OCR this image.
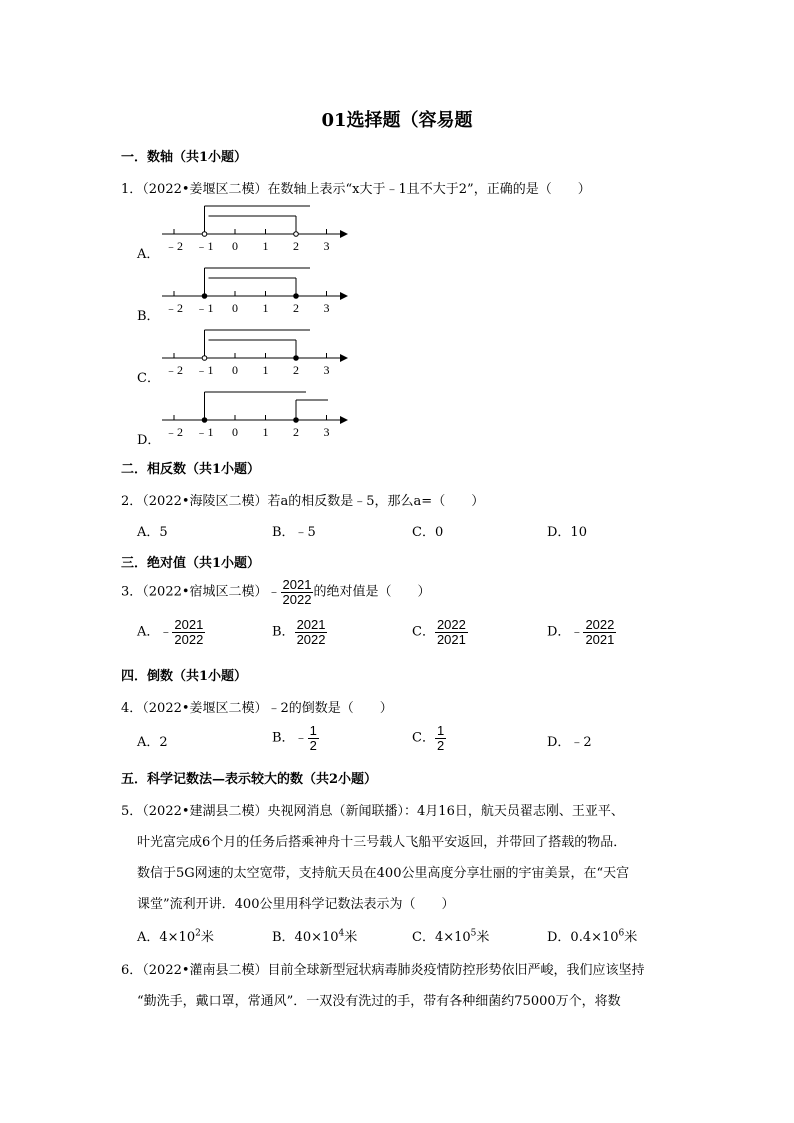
01选择题（容易题
一．数轴（共1小题）
1．（2022•姜堰区二模）在数轴上表示“x大于﹣1且不大于2”，正确的是（　　）
A．
B．
C．
D．
﹣2 ﹣1 0 1 2 3
﹣2 ﹣1 0 1 2 3
﹣2 ﹣1 0 1 2 3
﹣2 ﹣1 0 1 2 3
二．相反数（共1小题）
2．（2022•海陵区二模）若a的相反数是﹣5，那么a=（　　）
A．5	B．﹣5	C．0	D．10
三．绝对值（共1小题）
3．（2022•宿城区二模）﹣ $\frac{2021}{2022}$ 的绝对值是（　　）
A．﹣ $\frac{2021}{2022}$	B． $\frac{2021}{2022}$	C． $\frac{2022}{2021}$	D．﹣ $\frac{2022}{2021}$
四．倒数（共1小题）
4．（2022•姜堰区二模）﹣2的倒数是（　　）
A．2	B．﹣ $\frac{1}{2}$	C． $\frac{1}{2}$	D．﹣2
五．科学记数法—表示较大的数（共2小题）
5．（2022•建湖县二模）央视网消息（新闻联播）：4月16日，航天员翟志刚、王亚平、
叶光富完成6个月的任务后搭乘神舟十三号载人飞船平安返回，并带回了搭载的物品．
数信于5G网速的太空宽带，支持航天员在400公里高度分享壮丽的宇宙美景，在“天宫
课堂”流利开讲．400公里用科学记数法表示为（　　）
A．$4\times 10^2$米	B．$40\times 10^4$米	C．$4\times 10^5$米	D．$0.4\times 10^6$米
6．（2022•灌南县二模）目前全球新型冠状病毒肺炎疫情防控形势依旧严峻，我们应该坚持
“勤洗手，戴口罩，常通风”．一双没有洗过的手，带有各种细菌约75000万个，将数
